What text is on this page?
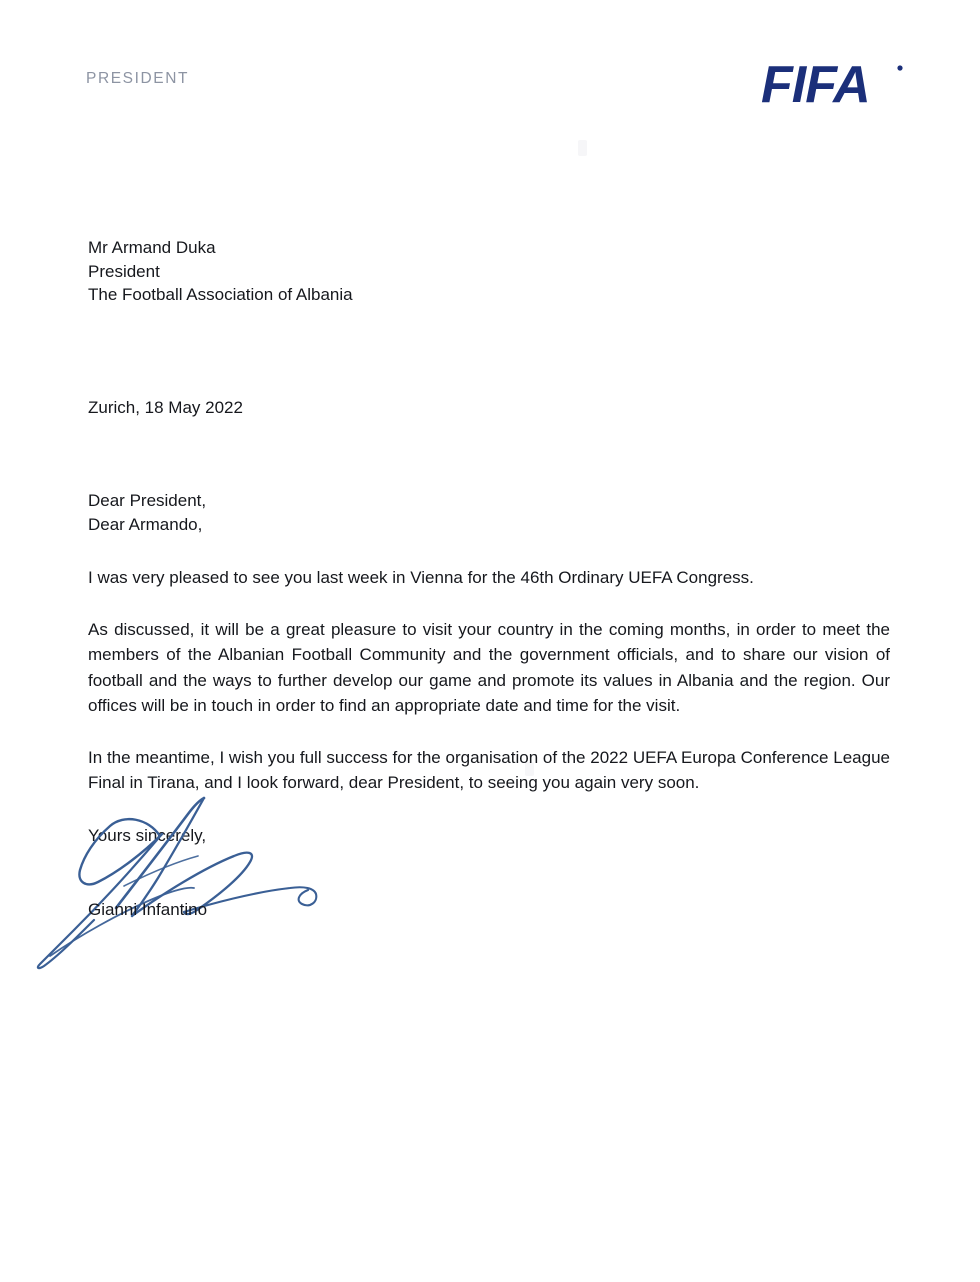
PRESIDENT	FIFA
Mr Armand Duka
President
The Football Association of Albania
Zurich, 18 May 2022
Dear President,
Dear Armando,

I was very pleased to see you last week in Vienna for the 46th Ordinary UEFA Congress.

As discussed, it will be a great pleasure to visit your country in the coming months, in order to meet the members of the Albanian Football Community and the government officials, and to share our vision of football and the ways to further develop our game and promote its values in Albania and the region. Our offices will be in touch in order to find an appropriate date and time for the visit.

In the meantime, I wish you full success for the organisation of the 2022 UEFA Europa Conference League Final in Tirana, and I look forward, dear President, to seeing you again very soon.

Yours sincerely,
Gianni Infantino
